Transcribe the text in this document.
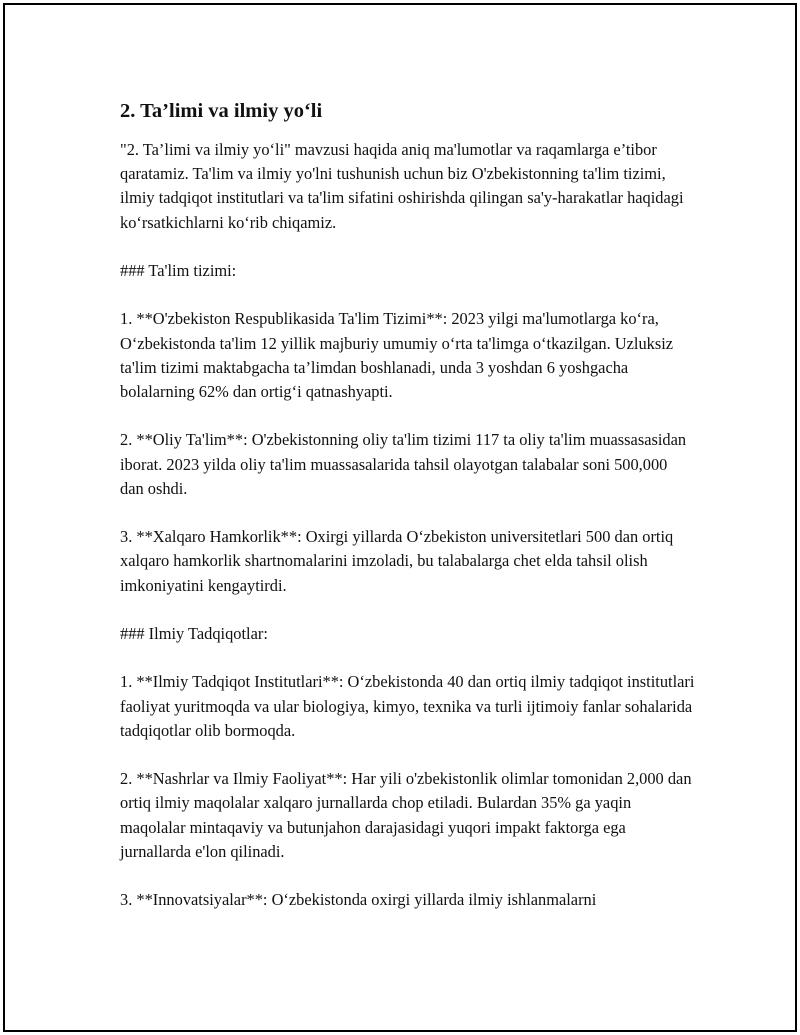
2. Ta’limi va ilmiy yo‘li

"2. Ta’limi va ilmiy yo‘li" mavzusi haqida aniq ma'lumotlar va raqamlarga e’tibor qaratamiz. Ta'lim va ilmiy yo'lni tushunish uchun biz O'zbekistonning ta'lim tizimi, ilmiy tadqiqot institutlari va ta'lim sifatini oshirishda qilingan sa'y-harakatlar haqidagi ko‘rsatkichlarni ko‘rib chiqamiz.

### Ta'lim tizimi:

1. **O'zbekiston Respublikasida Ta'lim Tizimi**: 2023 yilgi ma'lumotlarga ko‘ra, O‘zbekistonda ta'lim 12 yillik majburiy umumiy o‘rta ta'limga o‘tkazilgan. Uzluksiz ta'lim tizimi maktabgacha ta’limdan boshlanadi, unda 3 yoshdan 6 yoshgacha bolalarning 62% dan ortig‘i qatnashyapti.

2. **Oliy Ta'lim**: O'zbekistonning oliy ta'lim tizimi 117 ta oliy ta'lim muassasasidan iborat. 2023 yilda oliy ta'lim muassasalarida tahsil olayotgan talabalar soni 500,000 dan oshdi.

3. **Xalqaro Hamkorlik**: Oxirgi yillarda O‘zbekiston universitetlari 500 dan ortiq xalqaro hamkorlik shartnomalarini imzoladi, bu talabalarga chet elda tahsil olish imkoniyatini kengaytirdi.

### Ilmiy Tadqiqotlar:

1. **Ilmiy Tadqiqot Institutlari**: O‘zbekistonda 40 dan ortiq ilmiy tadqiqot institutlari faoliyat yuritmoqda va ular biologiya, kimyo, texnika va turli ijtimoiy fanlar sohalarida tadqiqotlar olib bormoqda.

2. **Nashrlar va Ilmiy Faoliyat**: Har yili o'zbekistonlik olimlar tomonidan 2,000 dan ortiq ilmiy maqolalar xalqaro jurnallarda chop etiladi. Bulardan 35% ga yaqin maqolalar mintaqaviy va butunjahon darajasidagi yuqori impakt faktorga ega jurnallarda e'lon qilinadi.

3. **Innovatsiyalar**: O‘zbekistonda oxirgi yillarda ilmiy ishlanmalarni
